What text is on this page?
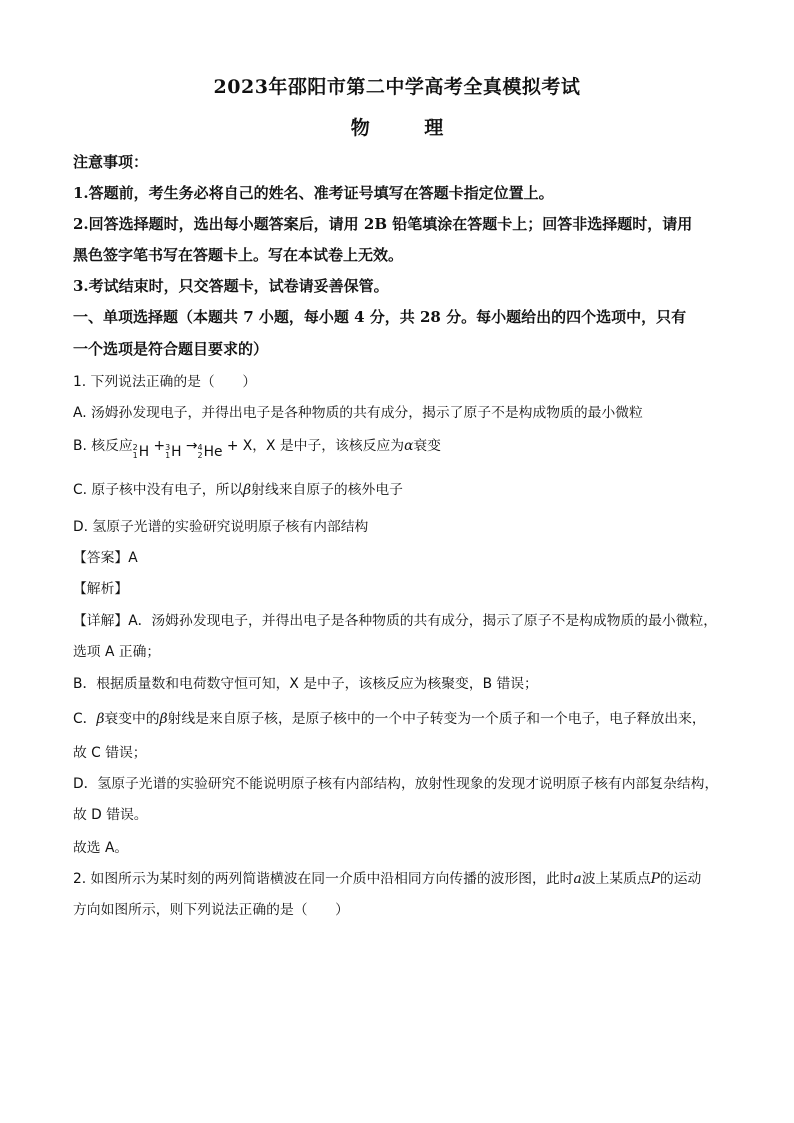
2023年邵阳市第二中学高考全真模拟考试
物 理
注意事项：
1.答题前，考生务必将自己的姓名、准考证号填写在答题卡指定位置上。
2.回答选择题时，选出每小题答案后，请用 2B 铅笔填涂在答题卡上；回答非选择题时，请用
黑色签字笔书写在答题卡上。写在本试卷上无效。
3.考试结束时，只交答题卡，试卷请妥善保管。
一、单项选择题（本题共 7 小题，每小题 4 分，共 28 分。每小题给出的四个选项中，只有
一个选项是符合题目要求的）
1. 下列说法正确的是（　　）
A. 汤姆孙发现电子，并得出电子是各种物质的共有成分，揭示了原子不是构成物质的最小微粒
B. 核反应 2
1 H + 3
1 H → 4
2 He + X，X 是中子，该核反应为α衰变
C. 原子核中没有电子，所以β射线来自原子的核外电子
D. 氢原子光谱的实验研究说明原子核有内部结构
【答案】A
【解析】
【详解】A．汤姆孙发现电子，并得出电子是各种物质的共有成分，揭示了原子不是构成物质的最小微粒，
选项 A 正确；
B．根据质量数和电荷数守恒可知，X 是中子，该核反应为核聚变，B 错误；
C．β衰变中的β射线是来自原子核，是原子核中的一个中子转变为一个质子和一个电子，电子释放出来，
故 C 错误；
D．氢原子光谱的实验研究不能说明原子核有内部结构，放射性现象的发现才说明原子核有内部复杂结构，
故 D 错误。
故选 A。
2. 如图所示为某时刻的两列简谐横波在同一介质中沿相同方向传播的波形图，此时a波上某质点P的运动
方向如图所示，则下列说法正确的是（　　）
